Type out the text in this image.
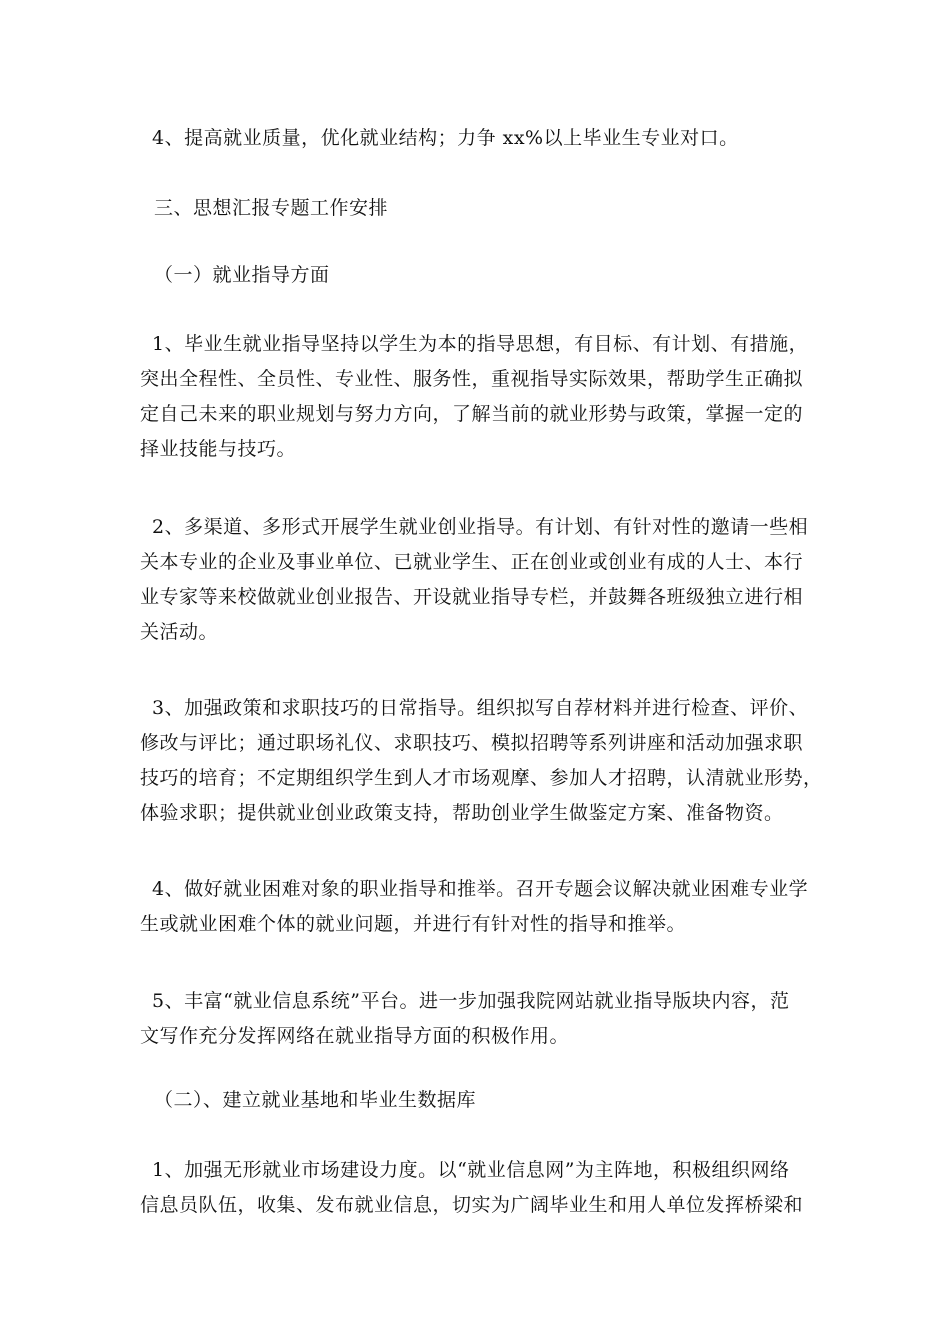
4、提高就业质量，优化就业结构；力争 xx%以上毕业生专业对口。
三、思想汇报专题工作安排
（一）就业指导方面
1、毕业生就业指导坚持以学生为本的指导思想，有目标、有计划、有措施，
突出全程性、全员性、专业性、服务性，重视指导实际效果，帮助学生正确拟
定自己未来的职业规划与努力方向，了解当前的就业形势与政策，掌握一定的
择业技能与技巧。
2、多渠道、多形式开展学生就业创业指导。有计划、有针对性的邀请一些相
关本专业的企业及事业单位、已就业学生、正在创业或创业有成的人士、本行
业专家等来校做就业创业报告、开设就业指导专栏，并鼓舞各班级独立进行相
关活动。
3、加强政策和求职技巧的日常指导。组织拟写自荐材料并进行检查、评价、
修改与评比；通过职场礼仪、求职技巧、模拟招聘等系列讲座和活动加强求职
技巧的培育；不定期组织学生到人才市场观摩、参加人才招聘，认清就业形势，
体验求职；提供就业创业政策支持，帮助创业学生做鉴定方案、准备物资。
4、做好就业困难对象的职业指导和推举。召开专题会议解决就业困难专业学
生或就业困难个体的就业问题，并进行有针对性的指导和推举。
5、丰富“就业信息系统”平台。进一步加强我院网站就业指导版块内容，范
文写作充分发挥网络在就业指导方面的积极作用。
（二）、建立就业基地和毕业生数据库
1、加强无形就业市场建设力度。以“就业信息网”为主阵地，积极组织网络
信息员队伍，收集、发布就业信息，切实为广阔毕业生和用人单位发挥桥梁和
